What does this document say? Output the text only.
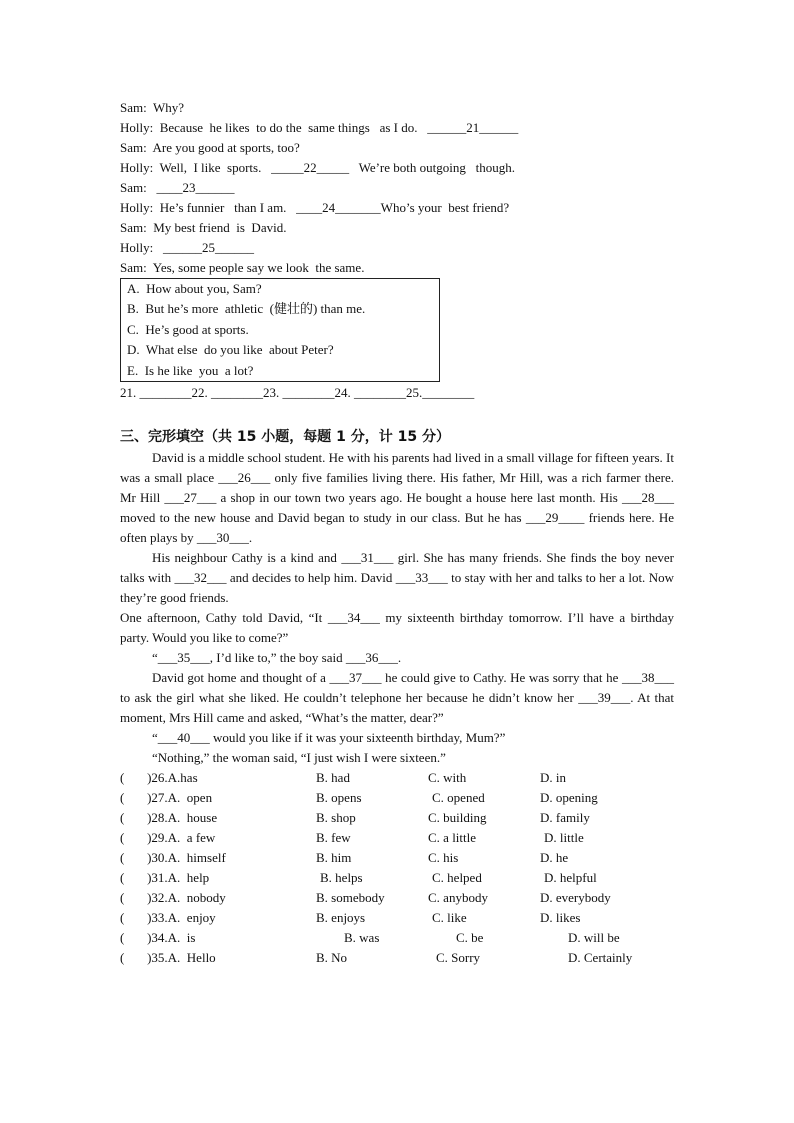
Sam:  Why?
Holly:  Because  he likes  to do the  same things   as I do.   ______21______
Sam:  Are you good at sports, too?
Holly:  Well,  I like  sports.   _____22_____   We’re both outgoing   though.
Sam:   ____23______
Holly:  He’s funnier   than I am.   ____24_______Who’s your  best friend?
Sam:  My best friend  is  David.
Holly:   ______25______
Sam:  Yes, some people say we look  the same.
A.  How about you, Sam?
B.  But he’s more  athletic  (健壮的) than me.
C.  He’s good at sports.
D.  What else  do you like  about Peter?
E.  Is he like  you  a lot?
21. ________22. ________23. ________24. ________25.________
三、完形填空（共 15 小题，每题 1 分，计 15 分）
David is a middle school student. He with his parents had lived in a small village for fifteen years. It was a small place ___26___ only five families living there. His father, Mr Hill, was a rich farmer there. Mr Hill ___27___ a shop in our town two years ago. He bought a house here last month. His ___28___ moved to the new house and David began to study in our class. But he has ___29____ friends here. He often plays by ___30___.
His neighbour Cathy is a kind and ___31___ girl. She has many friends. She finds the boy never talks with ___32___ and decides to help him. David ___33___ to stay with her and talks to her a lot. Now they’re good friends.
One afternoon, Cathy told David, “It ___34___ my sixteenth birthday tomorrow. I’ll have a birthday party. Would you like to come?”
“___35___, I’d like to,” the boy said ___36___.
David got home and thought of a ___37___ he could give to Cathy. He was sorry that he ___38___ to ask the girl what she liked. He couldn’t telephone her because he didn’t know her ___39___. At that moment, Mrs Hill came and asked, “What’s the matter, dear?”
“___40___ would you like if it was your sixteenth birthday, Mum?”
“Nothing,” the woman said, “I just wish I were sixteen.”
(       )26.A.has	B. had	C. with	D. in
(       )27.A.  open	B. opens	C. opened	D. opening
(       )28.A.  house	B. shop	C. building	D. family
(       )29.A.  a few	B. few	C. a little	D. little
(       )30.A.  himself	B. him	C. his	D. he
(       )31.A.  help	B. helps	C. helped	D. helpful
(       )32.A.  nobody	B. somebody	C. anybody	D. everybody
(       )33.A.  enjoy	B. enjoys	C. like	D. likes
(       )34.A.  is	B. was	C. be	D. will be
(       )35.A.  Hello	B. No	C. Sorry	D. Certainly
